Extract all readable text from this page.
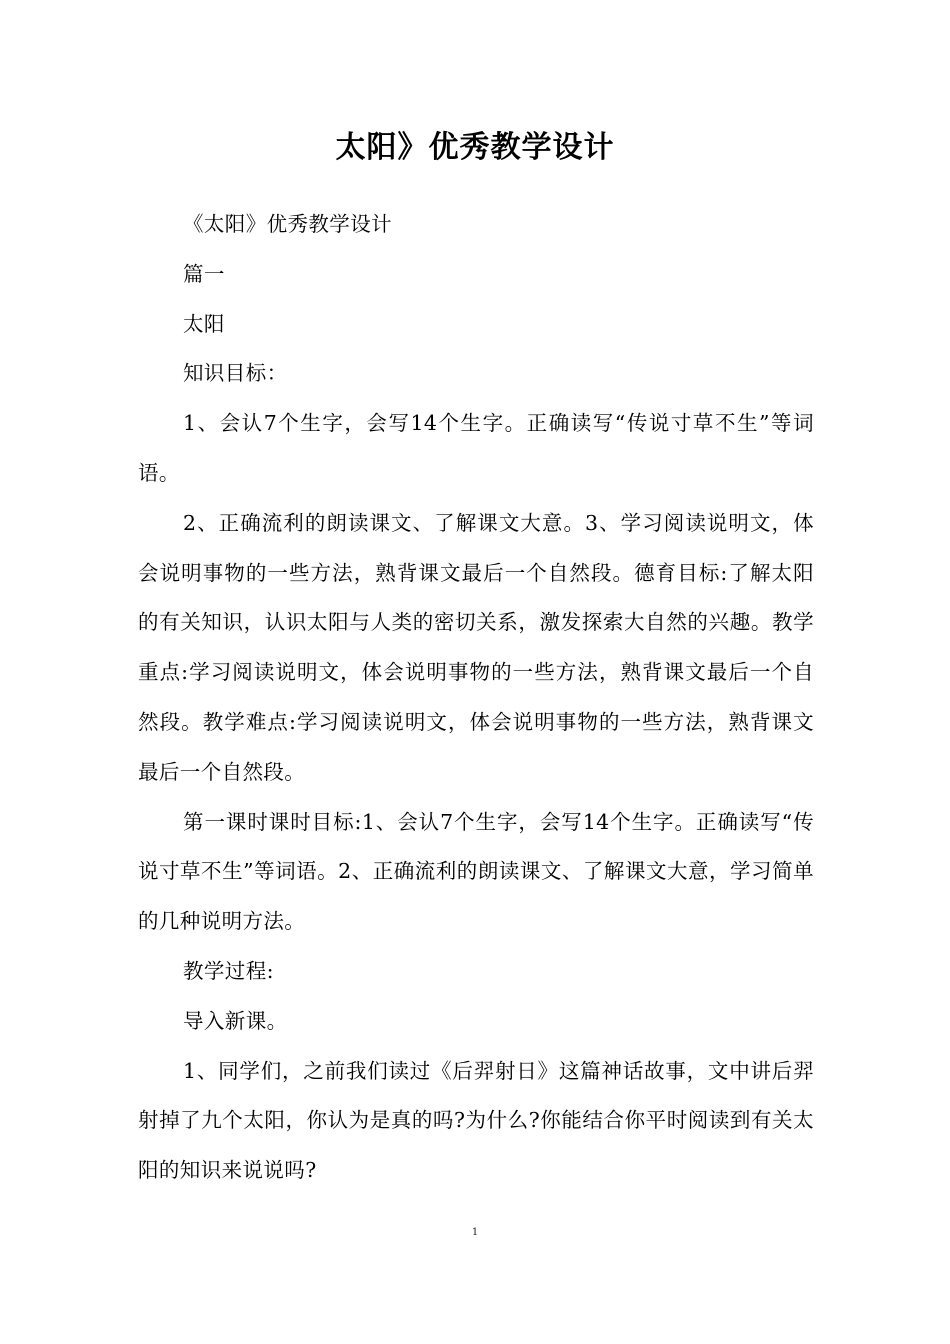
太阳》优秀教学设计

《太阳》优秀教学设计

篇一

太阳

知识目标：

1、会认7个生字，会写14个生字。正确读写“传说寸草不生”等词语。

2、正确流利的朗读课文、了解课文大意。3、学习阅读说明文，体会说明事物的一些方法，熟背课文最后一个自然段。德育目标:了解太阳的有关知识，认识太阳与人类的密切关系，激发探索大自然的兴趣。教学重点:学习阅读说明文，体会说明事物的一些方法，熟背课文最后一个自然段。教学难点:学习阅读说明文，体会说明事物的一些方法，熟背课文最后一个自然段。

第一课时课时目标:1、会认7个生字，会写14个生字。正确读写“传说寸草不生”等词语。2、正确流利的朗读课文、了解课文大意，学习简单的几种说明方法。

教学过程:

导入新课。

1、同学们，之前我们读过《后羿射日》这篇神话故事，文中讲后羿射掉了九个太阳，你认为是真的吗?为什么?你能结合你平时阅读到有关太阳的知识来说说吗?

1
